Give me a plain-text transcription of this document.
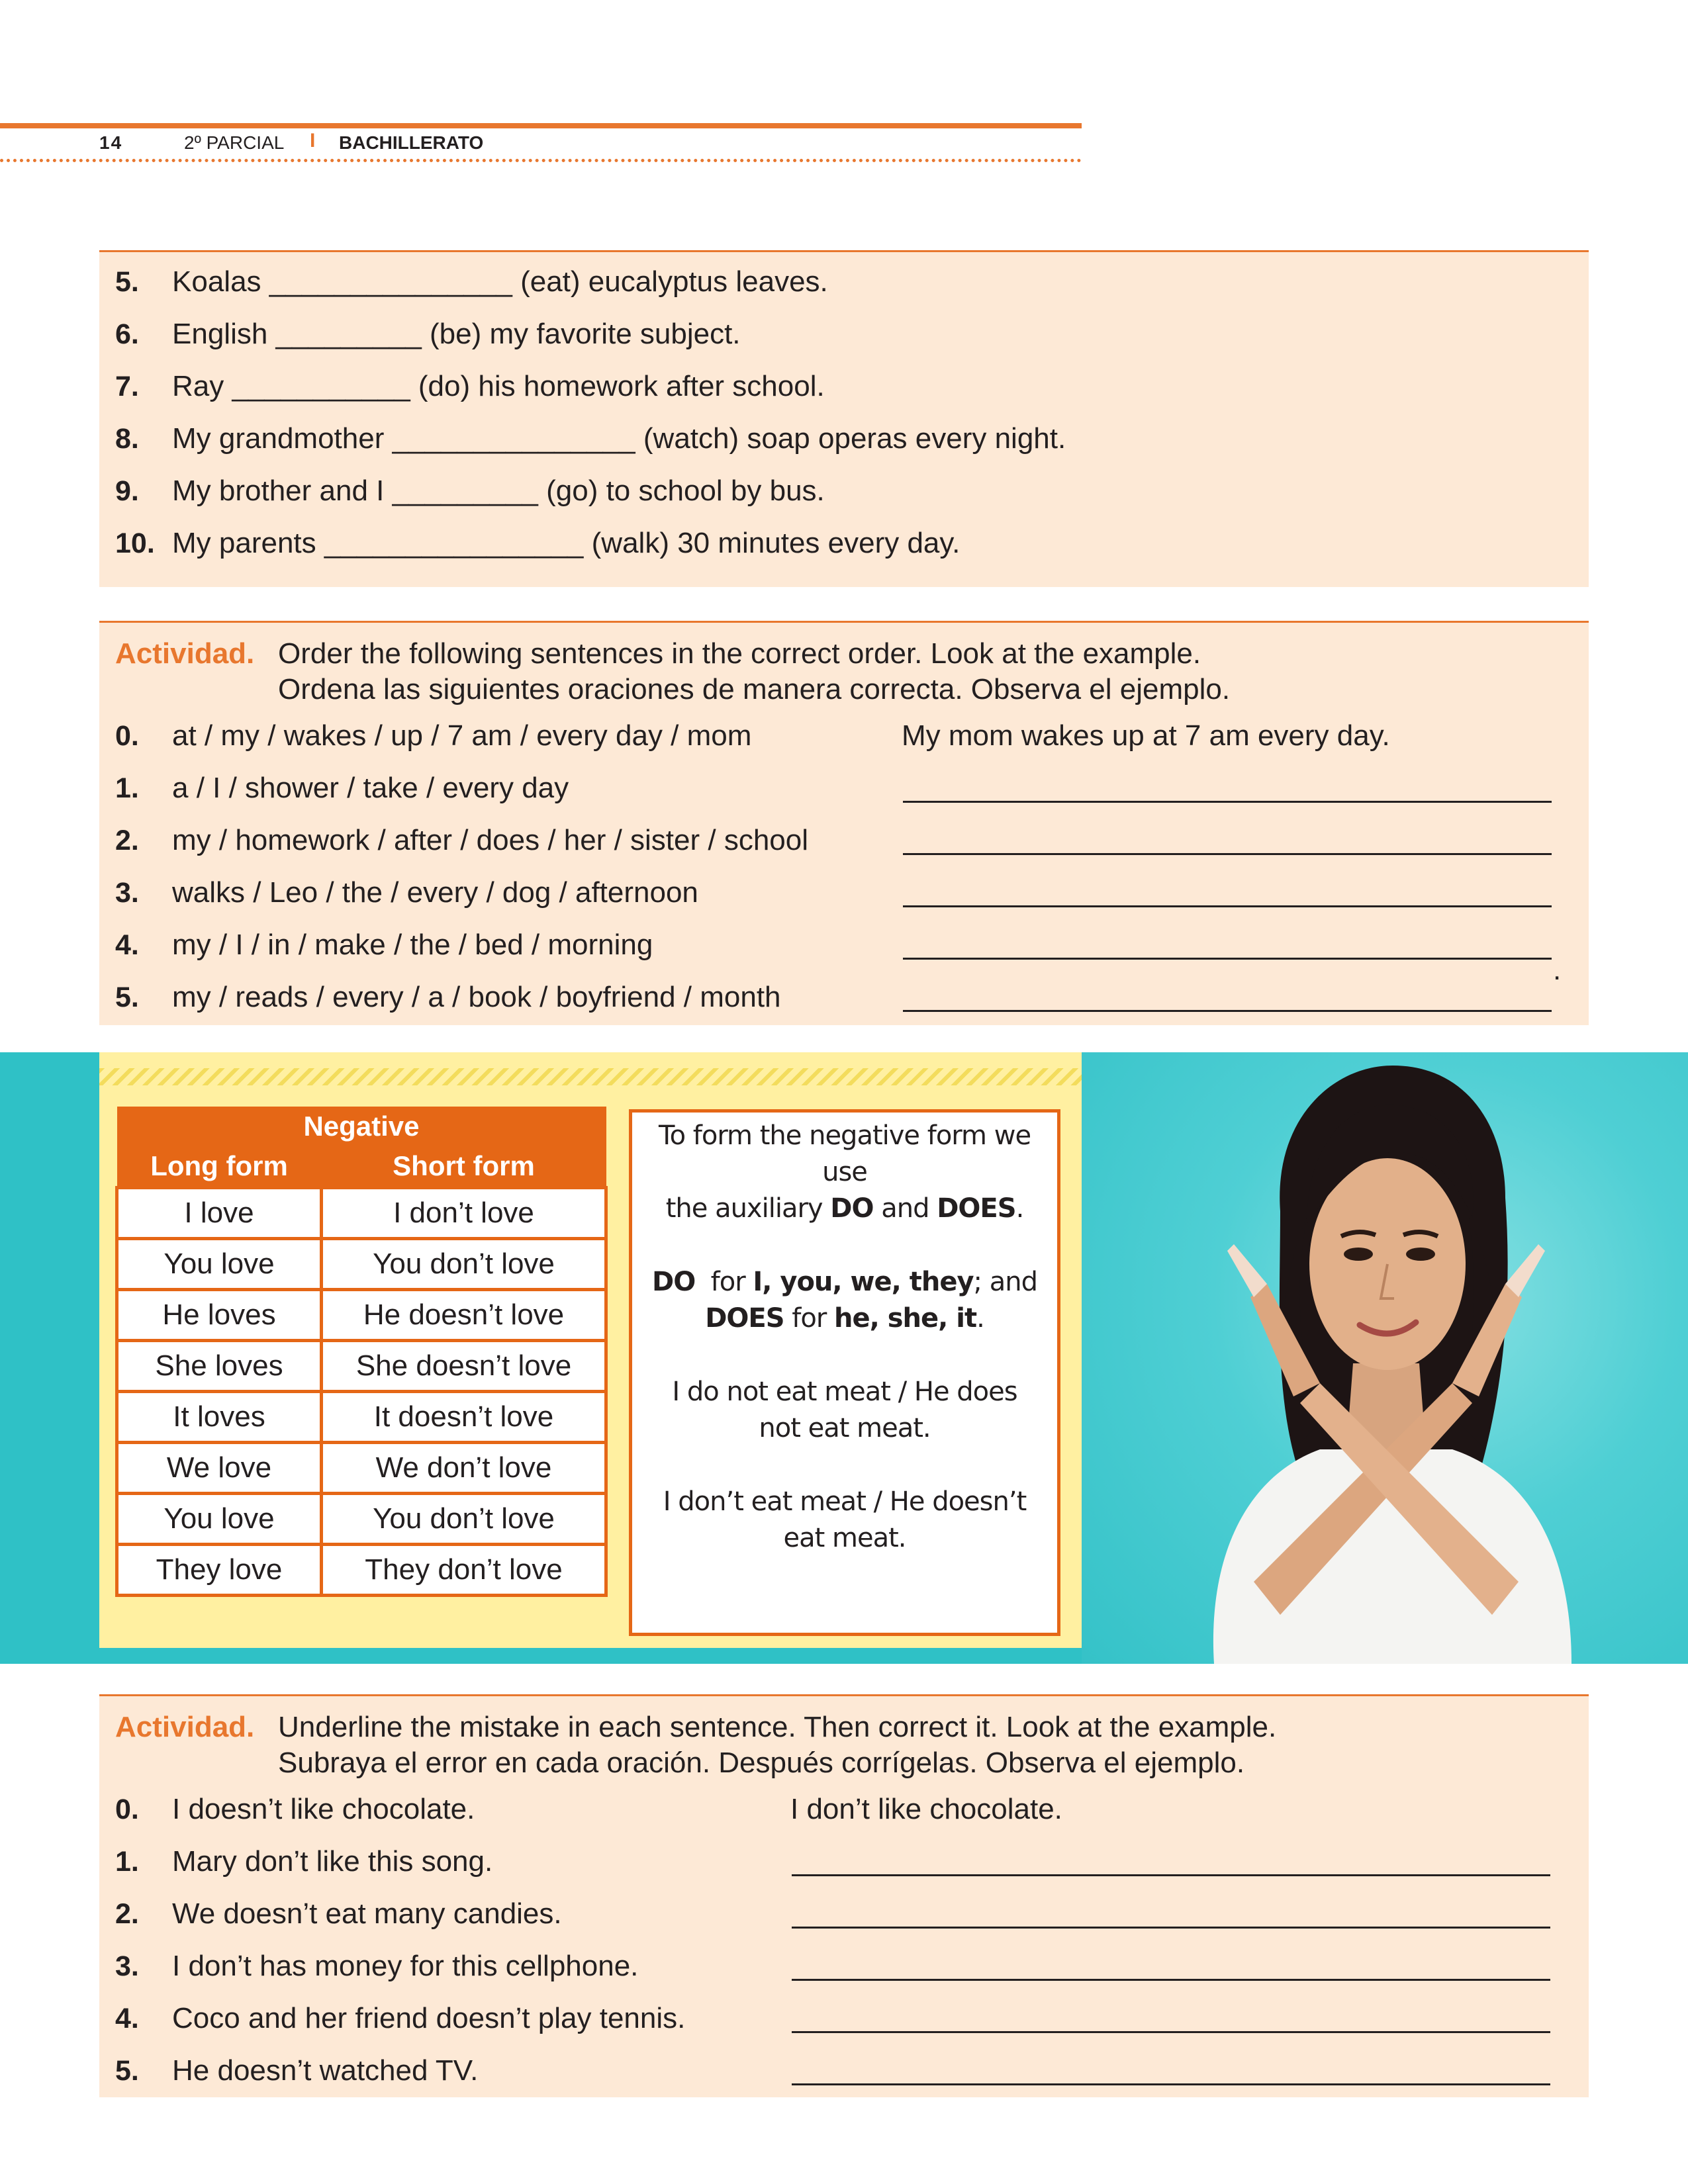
14	2º PARCIAL I BACHILLERATO
5. Koalas _______________ (eat) eucalyptus leaves.
6. English _________ (be) my favorite subject.
7. Ray ___________ (do) his homework after school.
8. My grandmother _______________ (watch) soap operas every night.
9. My brother and I _________ (go) to school by bus.
10. My parents ________________ (walk) 30 minutes every day.
Actividad. Order the following sentences in the correct order. Look at the example.
Ordena las siguientes oraciones de manera correcta. Observa el ejemplo.
0. at / my / wakes / up / 7 am / every day / mom	My mom wakes up at 7 am every day.
1. a / I / shower / take / every day
2. my / homework / after / does / her / sister / school
3. walks / Leo / the / every / dog / afternoon
4. my / I / in / make / the / bed / morning
5. my / reads / every / a / book / boyfriend / month
.
Negative	
Long form	Short form
I love	I don’t love
You love	You don’t love
He loves	He doesn’t love
She loves	She doesn’t love
It loves	It doesn’t love
We love	We don’t love
You love	You don’t love
They love	They don’t love

To form the negative form we use
the auxiliary DO and DOES.

DO for I, you, we, they; and
DOES for he, she, it.

I do not eat meat / He does not eat meat.

I don’t eat meat / He doesn’t eat meat.

Actividad. Underline the mistake in each sentence. Then correct it. Look at the example.
Subraya el error en cada oración. Después corrígelas. Observa el ejemplo.
0. I doesn’t like chocolate.	I don’t like chocolate.
1. Mary don’t like this song.
2. We doesn’t eat many candies.
3. I don’t has money for this cellphone.
4. Coco and her friend doesn’t play tennis.
5. He doesn’t watched TV.
